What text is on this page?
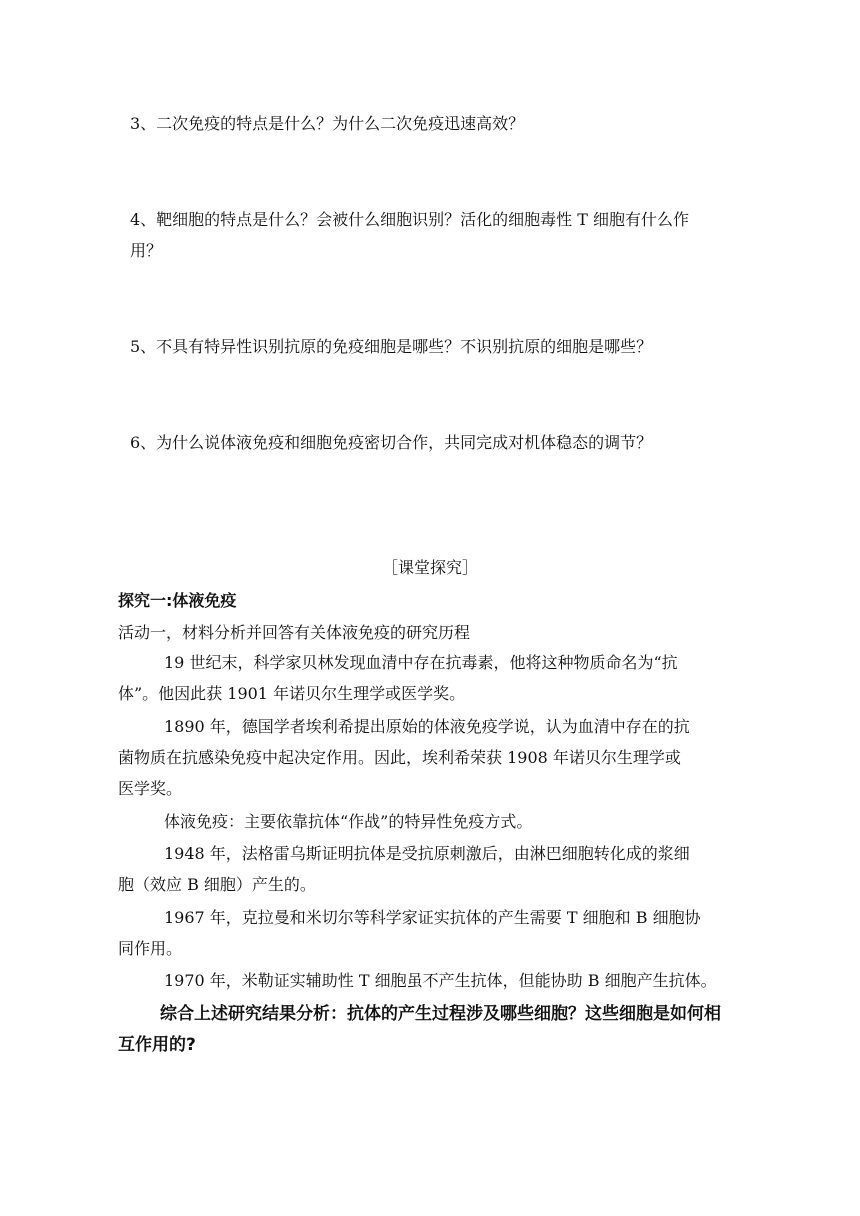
3、二次免疫的特点是什么？为什么二次免疫迅速高效？
4、靶细胞的特点是什么？会被什么细胞识别？活化的细胞毒性 T 细胞有什么作
用？
5、不具有特异性识别抗原的免疫细胞是哪些？不识别抗原的细胞是哪些？
6、为什么说体液免疫和细胞免疫密切合作，共同完成对机体稳态的调节？
［课堂探究］
探究一:体液免疫
活动一，材料分析并回答有关体液免疫的研究历程
19 世纪末，科学家贝林发现血清中存在抗毒素，他将这种物质命名为“抗
体”。他因此获 1901 年诺贝尔生理学或医学奖。
1890 年，德国学者埃利希提出原始的体液免疫学说，认为血清中存在的抗
菌物质在抗感染免疫中起决定作用。因此，埃利希荣获 1908 年诺贝尔生理学或
医学奖。
体液免疫：主要依靠抗体“作战”的特异性免疫方式。
1948 年，法格雷乌斯证明抗体是受抗原刺激后，由淋巴细胞转化成的浆细
胞（效应 B 细胞）产生的。
1967 年，克拉曼和米切尔等科学家证实抗体的产生需要 T 细胞和 B 细胞协
同作用。
1970 年，米勒证实辅助性 T 细胞虽不产生抗体，但能协助 B 细胞产生抗体。
综合上述研究结果分析：抗体的产生过程涉及哪些细胞？这些细胞是如何相
互作用的?
